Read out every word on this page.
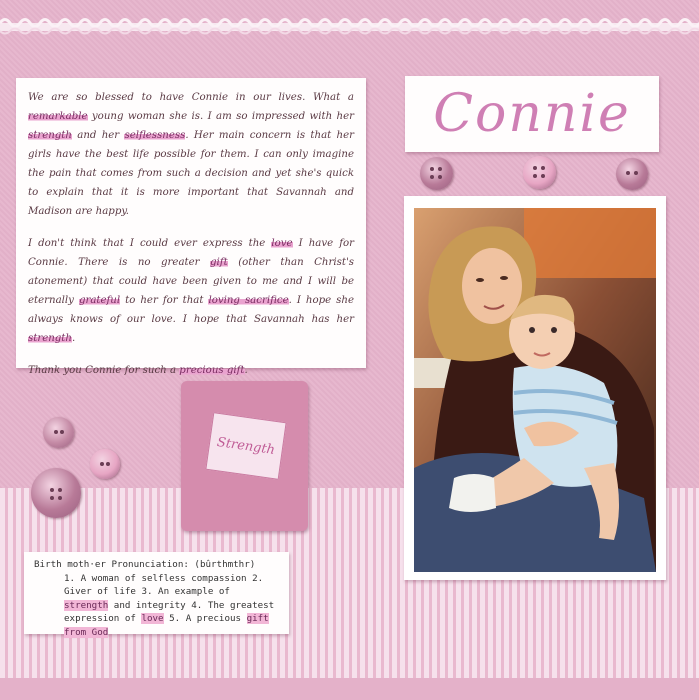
We are so blessed to have Connie in our lives. What a remarkable young woman she is. I am so impressed with her strength and her selflessness. Her main concern is that her girls have the best life possible for them. I can only imagine the pain that comes from such a decision and yet she's quick to explain that it is more important that Savannah and Madison are happy.

I don't think that I could ever express the love I have for Connie. There is no greater gift (other than Christ's atonement) that could have been given to me and I will be eternally grateful to her for that loving sacrifice. I hope she always knows of our love. I hope that Savannah has her strength.

Thank you Connie for such a precious gift.

Connie
Strength
Birth moth·er Pronunciation: (bûrthmthr)
1. A woman of selfless compassion 2. Giver of life 3. An example of strength and integrity 4. The greatest expression of love 5. A precious gift from God
